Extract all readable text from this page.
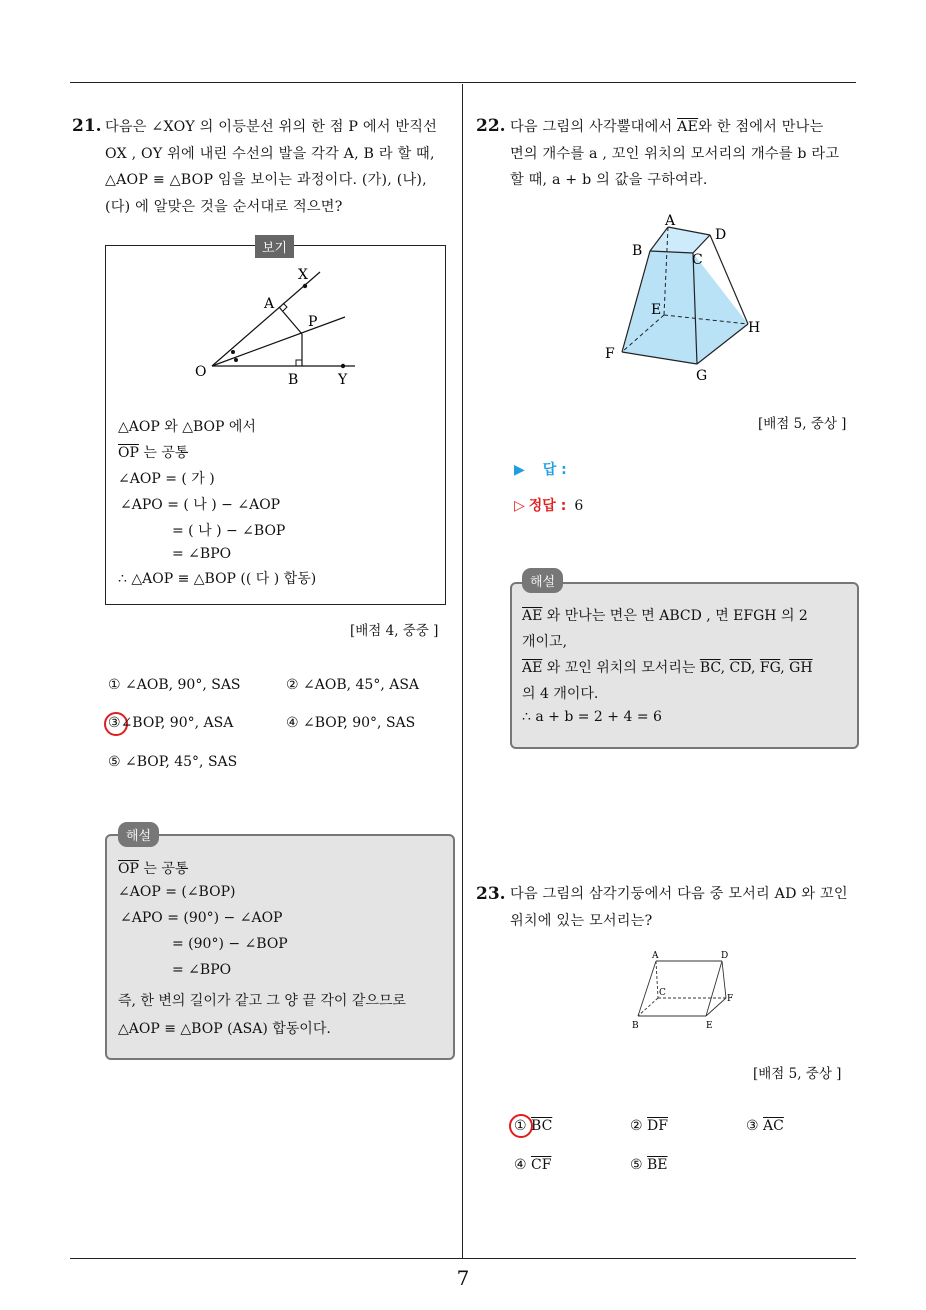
21. 다음은 ∠XOY 의 이등분선 위의 한 점 P 에서 반직선
OX , OY 위에 내린 수선의 발을 각각 A, B 라 할 때,
△AOP ≡ △BOP 임을 보이는 과정이다. (가), (나),
(다) 에 알맞은 것을 순서대로 적으면?
보기
X
A
P
O	B	Y
△AOP 와 △BOP 에서
$\overline{OP}$ 는 공통
∠AOP = ( 가 )
∠APO = ( 나 ) − ∠AOP
= ( 나 ) − ∠BOP
= ∠BPO
∴ △AOP ≡ △BOP (( 다 ) 합동)
[배점 4, 중중 ]
① ∠AOB, 90°, SAS	② ∠AOB, 45°, ASA
③∠BOP, 90°, ASA	④ ∠BOP, 90°, SAS
⑤ ∠BOP, 45°, SAS
해설
$\overline{OP}$ 는 공통
∠AOP = (∠BOP)
∠APO = (90°) − ∠AOP
= (90°) − ∠BOP
= ∠BPO
즉, 한 변의 길이가 같고 그 양 끝 각이 같으므로
△AOP ≡ △BOP (ASA) 합동이다.
22. 다음 그림의 사각뿔대에서 $\overline{AE}$와 한 점에서 만나는
면의 개수를 a , 꼬인 위치의 모서리의 개수를 b 라고
할 때, a + b 의 값을 구하여라.
A
B
C
D
E
F
G
H
[배점 5, 중상 ]
▶ 답 :
▷ 정답 : 6
해설
$\overline{AE}$ 와 만나는 면은 면 ABCD , 면 EFGH 의 2
개이고,
$\overline{AE}$ 와 꼬인 위치의 모서리는 $\overline{BC}$, $\overline{CD}$, $\overline{FG}$, $\overline{GH}$
의 4 개이다.
∴ a + b = 2 + 4 = 6
23. 다음 그림의 삼각기둥에서 다음 중 모서리 AD 와 꼬인
위치에 있는 모서리는?
A	D
C
F
B	E
[배점 5, 중상 ]
① $\overline{BC}$	② $\overline{DF}$	③ $\overline{AC}$
④ $\overline{CF}$	⑤ $\overline{BE}$
7
